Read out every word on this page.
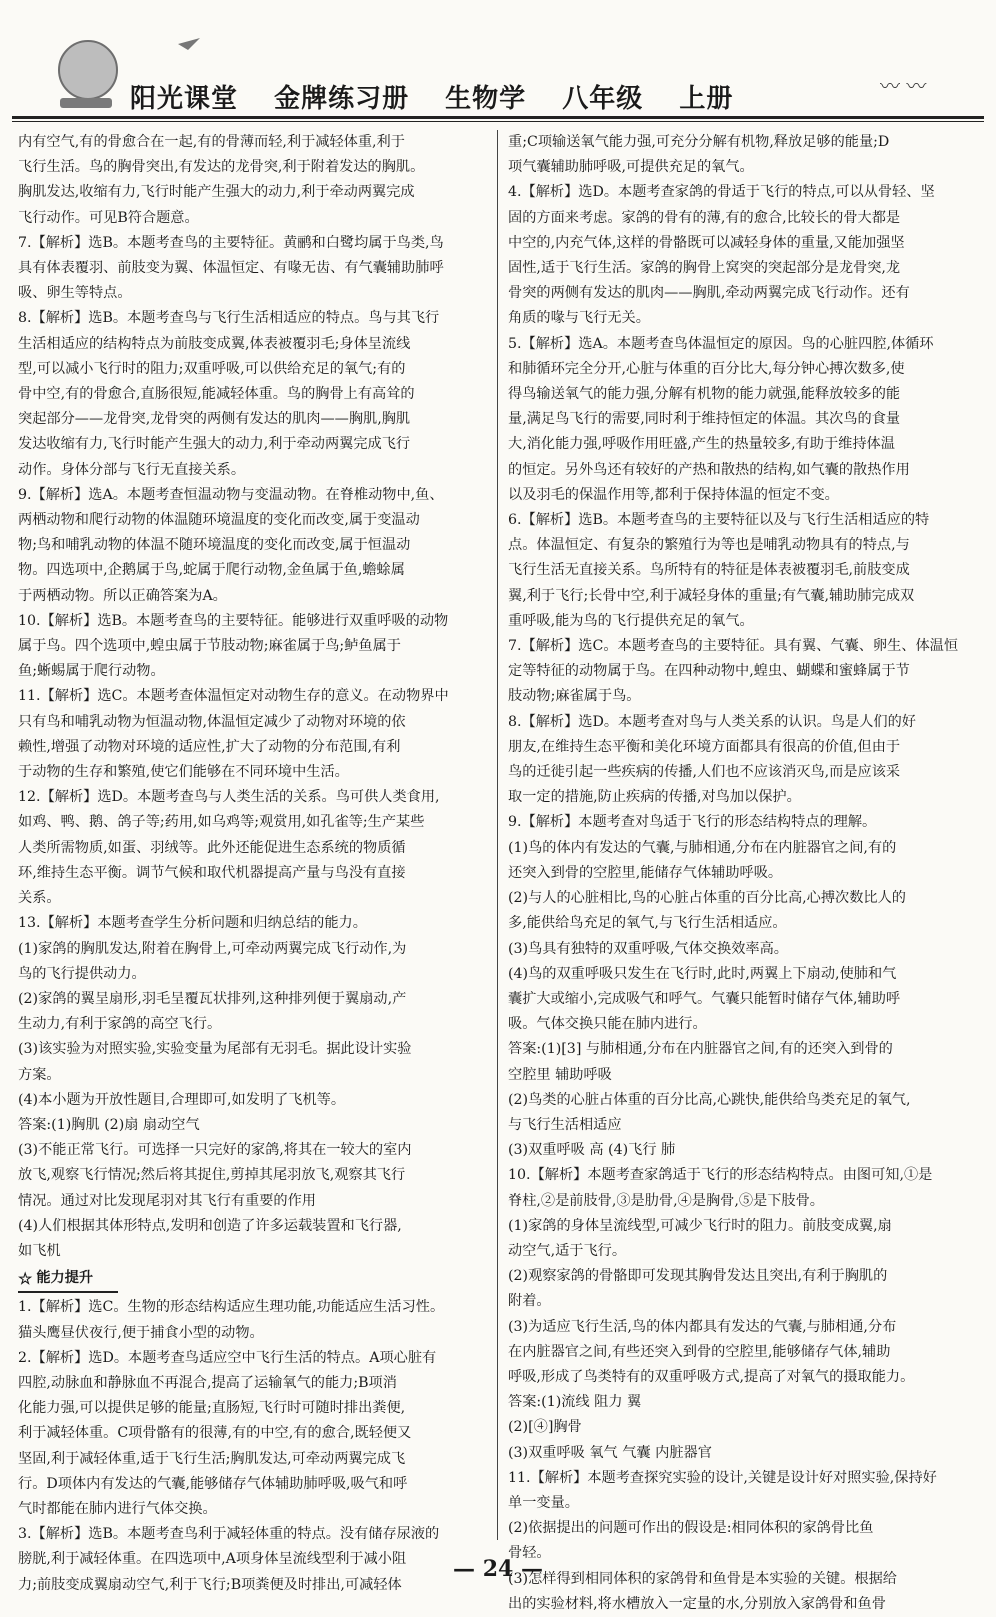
阳光课堂 金牌练习册 生物学 八年级 上册	〰 〰

内有空气,有的骨愈合在一起,有的骨薄而轻,利于减轻体重,利于

飞行生活。鸟的胸骨突出,有发达的龙骨突,利于附着发达的胸肌。

胸肌发达,收缩有力,飞行时能产生强大的动力,利于牵动两翼完成

飞行动作。可见B符合题意。

7.【解析】选B。本题考查鸟的主要特征。黄鹂和白鹭均属于鸟类,鸟

具有体表覆羽、前肢变为翼、体温恒定、有喙无齿、有气囊辅助肺呼

吸、卵生等特点。

8.【解析】选B。本题考查鸟与飞行生活相适应的特点。鸟与其飞行

生活相适应的结构特点为前肢变成翼,体表被覆羽毛;身体呈流线

型,可以减小飞行时的阻力;双重呼吸,可以供给充足的氧气;有的

骨中空,有的骨愈合,直肠很短,能减轻体重。鸟的胸骨上有高耸的

突起部分——龙骨突,龙骨突的两侧有发达的肌肉——胸肌,胸肌

发达收缩有力,飞行时能产生强大的动力,利于牵动两翼完成飞行

动作。身体分部与飞行无直接关系。

9.【解析】选A。本题考查恒温动物与变温动物。在脊椎动物中,鱼、

两栖动物和爬行动物的体温随环境温度的变化而改变,属于变温动

物;鸟和哺乳动物的体温不随环境温度的变化而改变,属于恒温动

物。四选项中,企鹅属于鸟,蛇属于爬行动物,金鱼属于鱼,蟾蜍属

于两栖动物。所以正确答案为A。

10.【解析】选B。本题考查鸟的主要特征。能够进行双重呼吸的动物

属于鸟。四个选项中,蝗虫属于节肢动物;麻雀属于鸟;鲈鱼属于

鱼;蜥蜴属于爬行动物。

11.【解析】选C。本题考查体温恒定对动物生存的意义。在动物界中

只有鸟和哺乳动物为恒温动物,体温恒定减少了动物对环境的依

赖性,增强了动物对环境的适应性,扩大了动物的分布范围,有利

于动物的生存和繁殖,使它们能够在不同环境中生活。

12.【解析】选D。本题考查鸟与人类生活的关系。鸟可供人类食用,

如鸡、鸭、鹅、鸽子等;药用,如乌鸡等;观赏用,如孔雀等;生产某些

人类所需物质,如蛋、羽绒等。此外还能促进生态系统的物质循

环,维持生态平衡。调节气候和取代机器提高产量与鸟没有直接

关系。

13.【解析】本题考查学生分析问题和归纳总结的能力。

(1)家鸽的胸肌发达,附着在胸骨上,可牵动两翼完成飞行动作,为

鸟的飞行提供动力。

(2)家鸽的翼呈扇形,羽毛呈覆瓦状排列,这种排列便于翼扇动,产

生动力,有利于家鸽的高空飞行。

(3)该实验为对照实验,实验变量为尾部有无羽毛。据此设计实验

方案。

(4)本小题为开放性题目,合理即可,如发明了飞机等。

答案:(1)胸肌 (2)扇 扇动空气

(3)不能正常飞行。可选择一只完好的家鸽,将其在一较大的室内

放飞,观察飞行情况;然后将其捉住,剪掉其尾羽放飞,观察其飞行

情况。通过对比发现尾羽对其飞行有重要的作用

(4)人们根据其体形特点,发明和创造了许多运载装置和飞行器,

如飞机

☆ 能力提升

1.【解析】选C。生物的形态结构适应生理功能,功能适应生活习性。

猫头鹰昼伏夜行,便于捕食小型的动物。

2.【解析】选D。本题考查鸟适应空中飞行生活的特点。A项心脏有

四腔,动脉血和静脉血不再混合,提高了运输氧气的能力;B项消

化能力强,可以提供足够的能量;直肠短,飞行时可随时排出粪便,

利于减轻体重。C项骨骼有的很薄,有的中空,有的愈合,既轻便又

坚固,利于减轻体重,适于飞行生活;胸肌发达,可牵动两翼完成飞

行。D项体内有发达的气囊,能够储存气体辅助肺呼吸,吸气和呼

气时都能在肺内进行气体交换。

3.【解析】选B。本题考查鸟利于减轻体重的特点。没有储存尿液的

膀胱,利于减轻体重。在四选项中,A项身体呈流线型利于减小阻

力;前肢变成翼扇动空气,利于飞行;B项粪便及时排出,可减轻体

重;C项输送氧气能力强,可充分分解有机物,释放足够的能量;D

项气囊辅助肺呼吸,可提供充足的氧气。

4.【解析】选D。本题考查家鸽的骨适于飞行的特点,可以从骨轻、坚

固的方面来考虑。家鸽的骨有的薄,有的愈合,比较长的骨大都是

中空的,内充气体,这样的骨骼既可以减轻身体的重量,又能加强坚

固性,适于飞行生活。家鸽的胸骨上窝突的突起部分是龙骨突,龙

骨突的两侧有发达的肌肉——胸肌,牵动两翼完成飞行动作。还有

角质的喙与飞行无关。

5.【解析】选A。本题考查鸟体温恒定的原因。鸟的心脏四腔,体循环

和肺循环完全分开,心脏与体重的百分比大,每分钟心搏次数多,使

得鸟输送氧气的能力强,分解有机物的能力就强,能释放较多的能

量,满足鸟飞行的需要,同时利于维持恒定的体温。其次鸟的食量

大,消化能力强,呼吸作用旺盛,产生的热量较多,有助于维持体温

的恒定。另外鸟还有较好的产热和散热的结构,如气囊的散热作用

以及羽毛的保温作用等,都利于保持体温的恒定不变。

6.【解析】选B。本题考查鸟的主要特征以及与飞行生活相适应的特

点。体温恒定、有复杂的繁殖行为等也是哺乳动物具有的特点,与

飞行生活无直接关系。鸟所特有的特征是体表被覆羽毛,前肢变成

翼,利于飞行;长骨中空,利于减轻身体的重量;有气囊,辅助肺完成双

重呼吸,能为鸟的飞行提供充足的氧气。

7.【解析】选C。本题考查鸟的主要特征。具有翼、气囊、卵生、体温恒

定等特征的动物属于鸟。在四种动物中,蝗虫、蝴蝶和蜜蜂属于节

肢动物;麻雀属于鸟。

8.【解析】选D。本题考查对鸟与人类关系的认识。鸟是人们的好

朋友,在维持生态平衡和美化环境方面都具有很高的价值,但由于

鸟的迁徙引起一些疾病的传播,人们也不应该消灭鸟,而是应该采

取一定的措施,防止疾病的传播,对鸟加以保护。

9.【解析】本题考查对鸟适于飞行的形态结构特点的理解。

(1)鸟的体内有发达的气囊,与肺相通,分布在内脏器官之间,有的

还突入到骨的空腔里,能储存气体辅助呼吸。

(2)与人的心脏相比,鸟的心脏占体重的百分比高,心搏次数比人的

多,能供给鸟充足的氧气,与飞行生活相适应。

(3)鸟具有独特的双重呼吸,气体交换效率高。

(4)鸟的双重呼吸只发生在飞行时,此时,两翼上下扇动,使肺和气

囊扩大或缩小,完成吸气和呼气。气囊只能暂时储存气体,辅助呼

吸。气体交换只能在肺内进行。

答案:(1)[3] 与肺相通,分布在内脏器官之间,有的还突入到骨的

空腔里 辅助呼吸

(2)鸟类的心脏占体重的百分比高,心跳快,能供给鸟类充足的氧气,

与飞行生活相适应

(3)双重呼吸 高 (4)飞行 肺

10.【解析】本题考查家鸽适于飞行的形态结构特点。由图可知,①是

脊柱,②是前肢骨,③是肋骨,④是胸骨,⑤是下肢骨。

(1)家鸽的身体呈流线型,可减少飞行时的阻力。前肢变成翼,扇

动空气,适于飞行。

(2)观察家鸽的骨骼即可发现其胸骨发达且突出,有利于胸肌的

附着。

(3)为适应飞行生活,鸟的体内都具有发达的气囊,与肺相通,分布

在内脏器官之间,有些还突入到骨的空腔里,能够储存气体,辅助

呼吸,形成了鸟类特有的双重呼吸方式,提高了对氧气的摄取能力。

答案:(1)流线 阻力 翼

(2)[④]胸骨

(3)双重呼吸 氧气 气囊 内脏器官

11.【解析】本题考查探究实验的设计,关键是设计好对照实验,保持好

单一变量。

(2)依据提出的问题可作出的假设是:相同体积的家鸽骨比鱼

骨轻。

(3)怎样得到相同体积的家鸽骨和鱼骨是本实验的关键。根据给

出的实验材料,将水槽放入一定量的水,分别放入家鸽骨和鱼骨

— 24 —
